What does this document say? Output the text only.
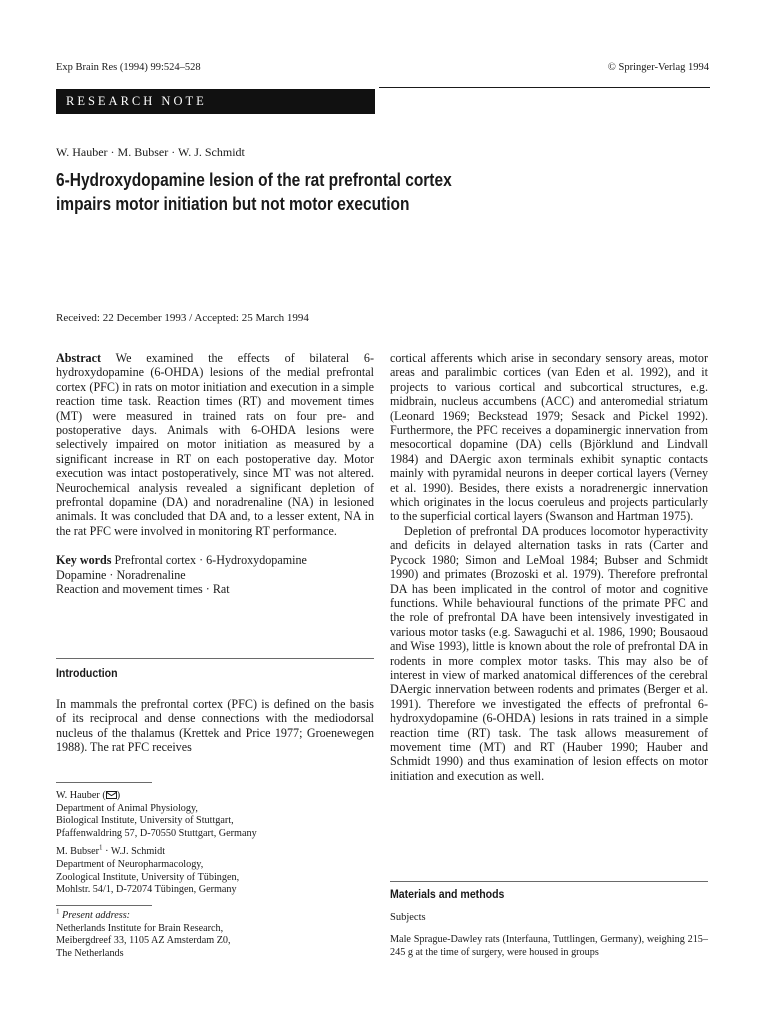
Exp Brain Res (1994) 99:524–528	© Springer-Verlag 1994
RESEARCH NOTE
W. Hauber · M. Bubser · W. J. Schmidt
6-Hydroxydopamine lesion of the rat prefrontal cortex
impairs motor initiation but not motor execution
Received: 22 December 1993 / Accepted: 25 March 1994

Abstract We examined the effects of bilateral 6-hydroxydopamine (6-OHDA) lesions of the medial prefrontal cortex (PFC) in rats on motor initiation and execution in a simple reaction time task. Reaction times (RT) and movement times (MT) were measured in trained rats on four pre- and postoperative days. Animals with 6-OHDA lesions were selectively impaired on motor initiation as measured by a significant increase in RT on each postoperative day. Motor execution was intact postoperatively, since MT was not altered. Neurochemical analysis revealed a significant depletion of prefrontal dopamine (DA) and noradrenaline (NA) in lesioned animals. It was concluded that DA and, to a lesser extent, NA in the rat PFC were involved in monitoring RT performance.

Key words Prefrontal cortex · 6-Hydroxydopamine
Dopamine · Noradrenaline
Reaction and movement times · Rat
Introduction
In mammals the prefrontal cortex (PFC) is defined on the basis of its reciprocal and dense connections with the mediodorsal nucleus of the thalamus (Krettek and Price 1977; Groenewegen 1988). The rat PFC receives

W. Hauber ( )

Department of Animal Physiology,

Biological Institute, University of Stuttgart,

Pfaffenwaldring 57, D-70550 Stuttgart, Germany

M. Bubser$^1$ · W.J. Schmidt

Department of Neuropharmacology,

Zoological Institute, University of Tübingen,

Mohlstr. 54/1, D-72074 Tübingen, Germany

$^1$ Present address:

Netherlands Institute for Brain Research,

Meibergdreef 33, 1105 AZ Amsterdam Z0,

The Netherlands

cortical afferents which arise in secondary sensory areas, motor areas and paralimbic cortices (van Eden et al. 1992), and it projects to various cortical and subcortical structures, e.g. midbrain, nucleus accumbens (ACC) and anteromedial striatum (Leonard 1969; Beckstead 1979; Sesack and Pickel 1992). Furthermore, the PFC receives a dopaminergic innervation from mesocortical dopamine (DA) cells (Björklund and Lindvall 1984) and DAergic axon terminals exhibit synaptic contacts mainly with pyramidal neurons in deeper cortical layers (Verney et al. 1990). Besides, there exists a noradrenergic innervation which originates in the locus coeruleus and projects particularly to the superficial cortical layers (Swanson and Hartman 1975).

Depletion of prefrontal DA produces locomotor hyperactivity and deficits in delayed alternation tasks in rats (Carter and Pycock 1980; Simon and LeMoal 1984; Bubser and Schmidt 1990) and primates (Brozoski et al. 1979). Therefore prefrontal DA has been implicated in the control of motor and cognitive functions. While behavioural functions of the primate PFC and the role of prefrontal DA have been intensively investigated in various motor tasks (e.g. Sawaguchi et al. 1986, 1990; Bousaoud and Wise 1993), little is known about the role of prefrontal DA in rodents in more complex motor tasks. This may also be of interest in view of marked anatomical differences of the cerebral DAergic innervation between rodents and primates (Berger et al. 1991). Therefore we investigated the effects of prefrontal 6-hydroxydopamine (6-OHDA) lesions in rats trained in a simple reaction time (RT) task. The task allows measurement of movement time (MT) and RT (Hauber 1990; Hauber and Schmidt 1990) and thus examination of lesion effects on motor initiation and execution as well.

Materials and methods
Subjects
Male Sprague-Dawley rats (Interfauna, Tuttlingen, Germany), weighing 215–245 g at the time of surgery, were housed in groups
